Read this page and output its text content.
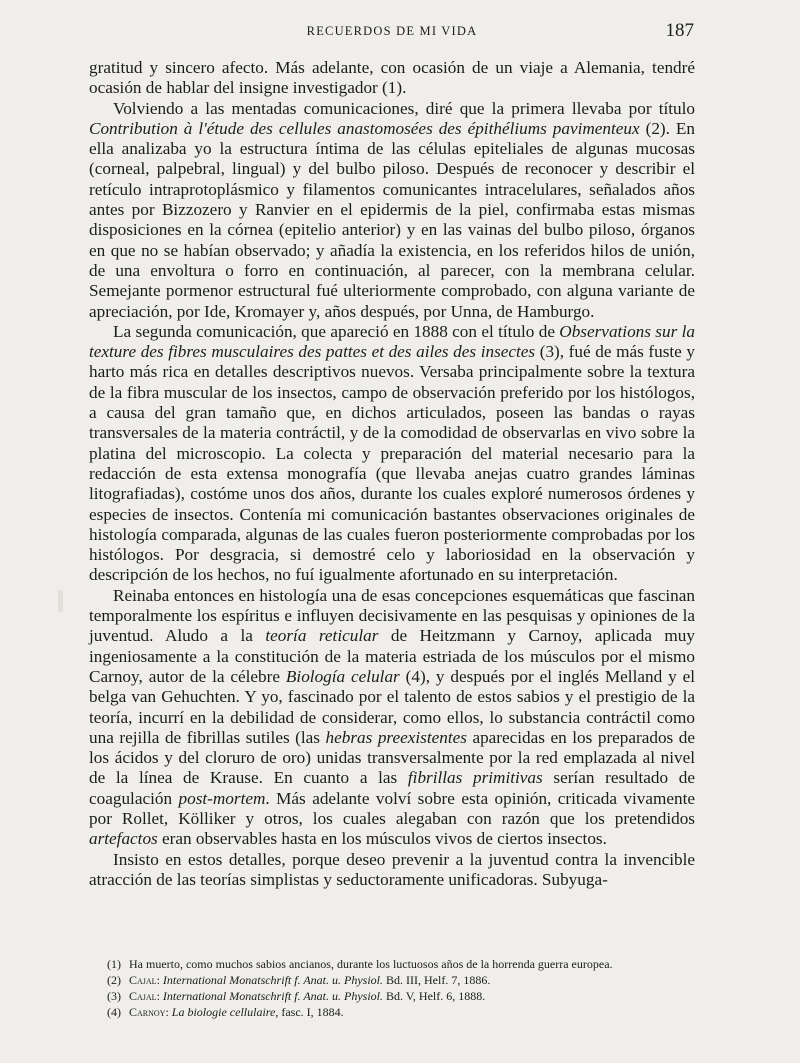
RECUERDOS DE MI VIDA	187

gratitud y sincero afecto. Más adelante, con ocasión de un viaje a Alemania, tendré ocasión de hablar del insigne investigador (1).

Volviendo a las mentadas comunicaciones, diré que la primera llevaba por título Contribution à l'étude des cellules anastomosées des épithéliums pavimenteux (2). En ella analizaba yo la estructura íntima de las células epiteliales de algunas mucosas (corneal, palpebral, lingual) y del bulbo piloso. Después de reconocer y describir el retículo intraprotoplásmico y filamentos comunicantes intracelulares, señalados años antes por Bizzozero y Ranvier en el epidermis de la piel, confirmaba estas mismas disposiciones en la córnea (epitelio anterior) y en las vainas del bulbo piloso, órganos en que no se habían observado; y añadía la existencia, en los referidos hilos de unión, de una envoltura o forro en continuación, al parecer, con la membrana celular. Semejante pormenor estructural fué ulteriormente comprobado, con alguna variante de apreciación, por Ide, Kromayer y, años después, por Unna, de Hamburgo.

La segunda comunicación, que apareció en 1888 con el título de Observations sur la texture des fibres musculaires des pattes et des ailes des insectes (3), fué de más fuste y harto más rica en detalles descriptivos nuevos. Versaba principalmente sobre la textura de la fibra muscular de los insectos, campo de observación preferido por los histólogos, a causa del gran tamaño que, en dichos articulados, poseen las bandas o rayas transversales de la materia contráctil, y de la comodidad de observarlas en vivo sobre la platina del microscopio. La colecta y preparación del material necesario para la redacción de esta extensa monografía (que llevaba anejas cuatro grandes láminas litografiadas), costóme unos dos años, durante los cuales exploré numerosos órdenes y especies de insectos. Contenía mi comunicación bastantes observaciones originales de histología comparada, algunas de las cuales fueron posteriormente comprobadas por los histólogos. Por desgracia, si demostré celo y laboriosidad en la observación y descripción de los hechos, no fuí igualmente afortunado en su interpretación.

Reinaba entonces en histología una de esas concepciones esquemáticas que fascinan temporalmente los espíritus e influyen decisivamente en las pesquisas y opiniones de la juventud. Aludo a la teoría reticular de Heitzmann y Carnoy, aplicada muy ingeniosamente a la constitución de la materia estriada de los músculos por el mismo Carnoy, autor de la célebre Biología celular (4), y después por el inglés Melland y el belga van Gehuchten. Y yo, fascinado por el talento de estos sabios y el prestigio de la teoría, incurrí en la debilidad de considerar, como ellos, lo substancia contráctil como una rejilla de fibrillas sutiles (las hebras preexistentes aparecidas en los preparados de los ácidos y del cloruro de oro) unidas transversalmente por la red emplazada al nivel de la línea de Krause. En cuanto a las fibrillas primitivas serían resultado de coagulación post-mortem. Más adelante volví sobre esta opinión, criticada vivamente por Rollet, Kölliker y otros, los cuales alegaban con razón que los pretendidos artefactos eran observables hasta en los músculos vivos de ciertos insectos.

Insisto en estos detalles, porque deseo prevenir a la juventud contra la invencible atracción de las teorías simplistas y seductoramente unificadoras. Subyuga-

(1) Ha muerto, como muchos sabios ancianos, durante los luctuosos años de la horrenda guerra europea.

(2) Cajal: International Monatschrift f. Anat. u. Physiol. Bd. III, Helf. 7, 1886.

(3) Cajal: International Monatschrift f. Anat. u. Physiol. Bd. V, Helf. 6, 1888.

(4) Carnoy: La biologie cellulaire, fasc. I, 1884.
